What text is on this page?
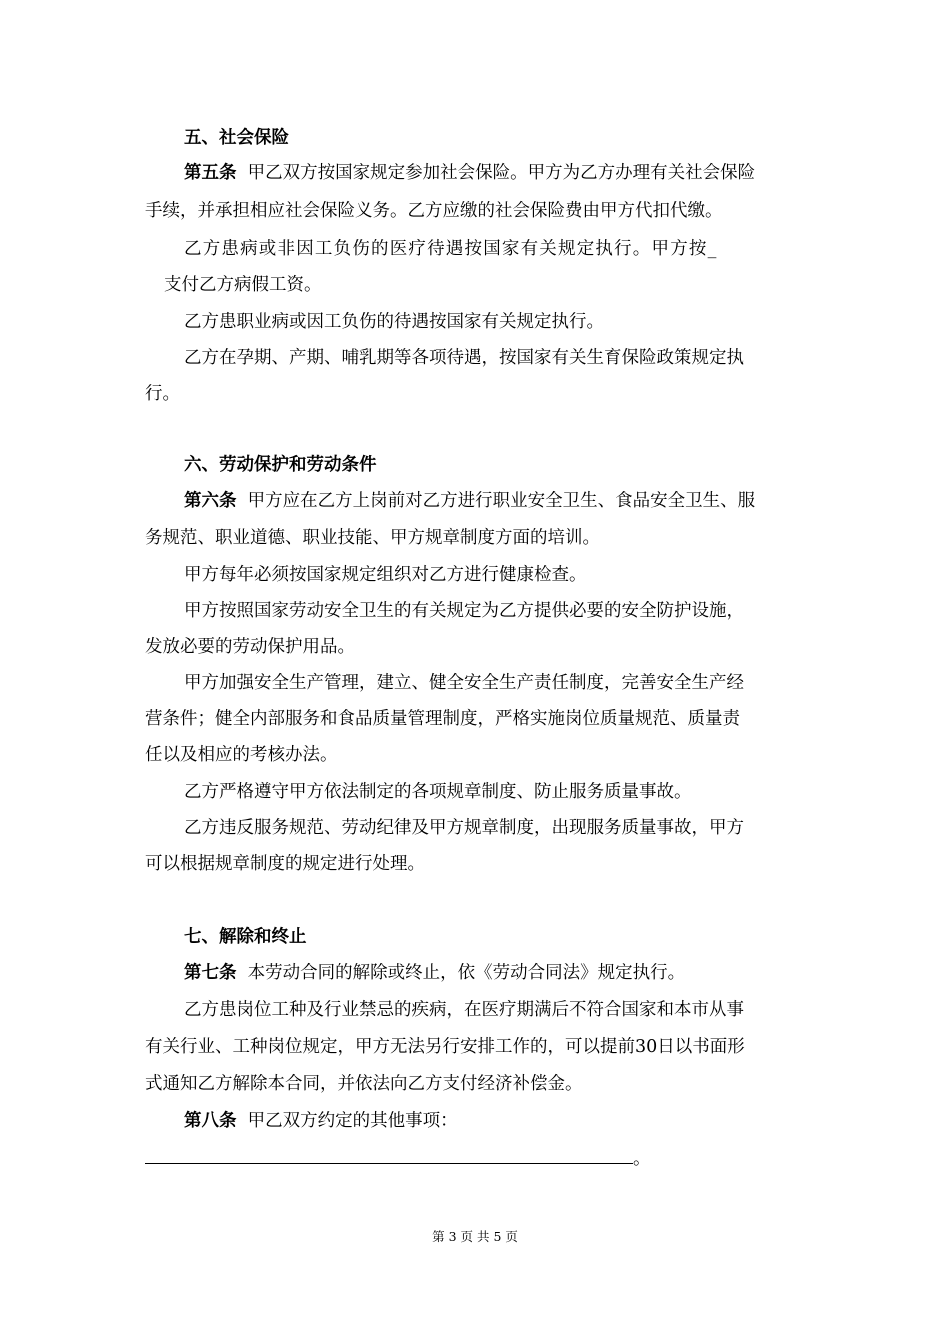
五、社会保险

第五条 甲乙双方按国家规定参加社会保险。甲方为乙方办理有关社会保险

手续，并承担相应社会保险义务。乙方应缴的社会保险费由甲方代扣代缴。

乙方患病或非因工负伤的医疗待遇按国家有关规定执行。甲方按_

支付乙方病假工资。

乙方患职业病或因工负伤的待遇按国家有关规定执行。

乙方在孕期、产期、哺乳期等各项待遇，按国家有关生育保险政策规定执

行。

六、劳动保护和劳动条件

第六条 甲方应在乙方上岗前对乙方进行职业安全卫生、食品安全卫生、服

务规范、职业道德、职业技能、甲方规章制度方面的培训。

甲方每年必须按国家规定组织对乙方进行健康检查。

甲方按照国家劳动安全卫生的有关规定为乙方提供必要的安全防护设施，

发放必要的劳动保护用品。

甲方加强安全生产管理，建立、健全安全生产责任制度，完善安全生产经

营条件；健全内部服务和食品质量管理制度，严格实施岗位质量规范、质量责

任以及相应的考核办法。

乙方严格遵守甲方依法制定的各项规章制度、防止服务质量事故。

乙方违反服务规范、劳动纪律及甲方规章制度，出现服务质量事故，甲方

可以根据规章制度的规定进行处理。

七、解除和终止

第七条 本劳动合同的解除或终止，依《劳动合同法》规定执行。

乙方患岗位工种及行业禁忌的疾病，在医疗期满后不符合国家和本市从事

有关行业、工种岗位规定，甲方无法另行安排工作的，可以提前30日以书面形

式通知乙方解除本合同，并依法向乙方支付经济补偿金。

第八条 甲乙双方约定的其他事项：

。

第 3 页 共 5 页
